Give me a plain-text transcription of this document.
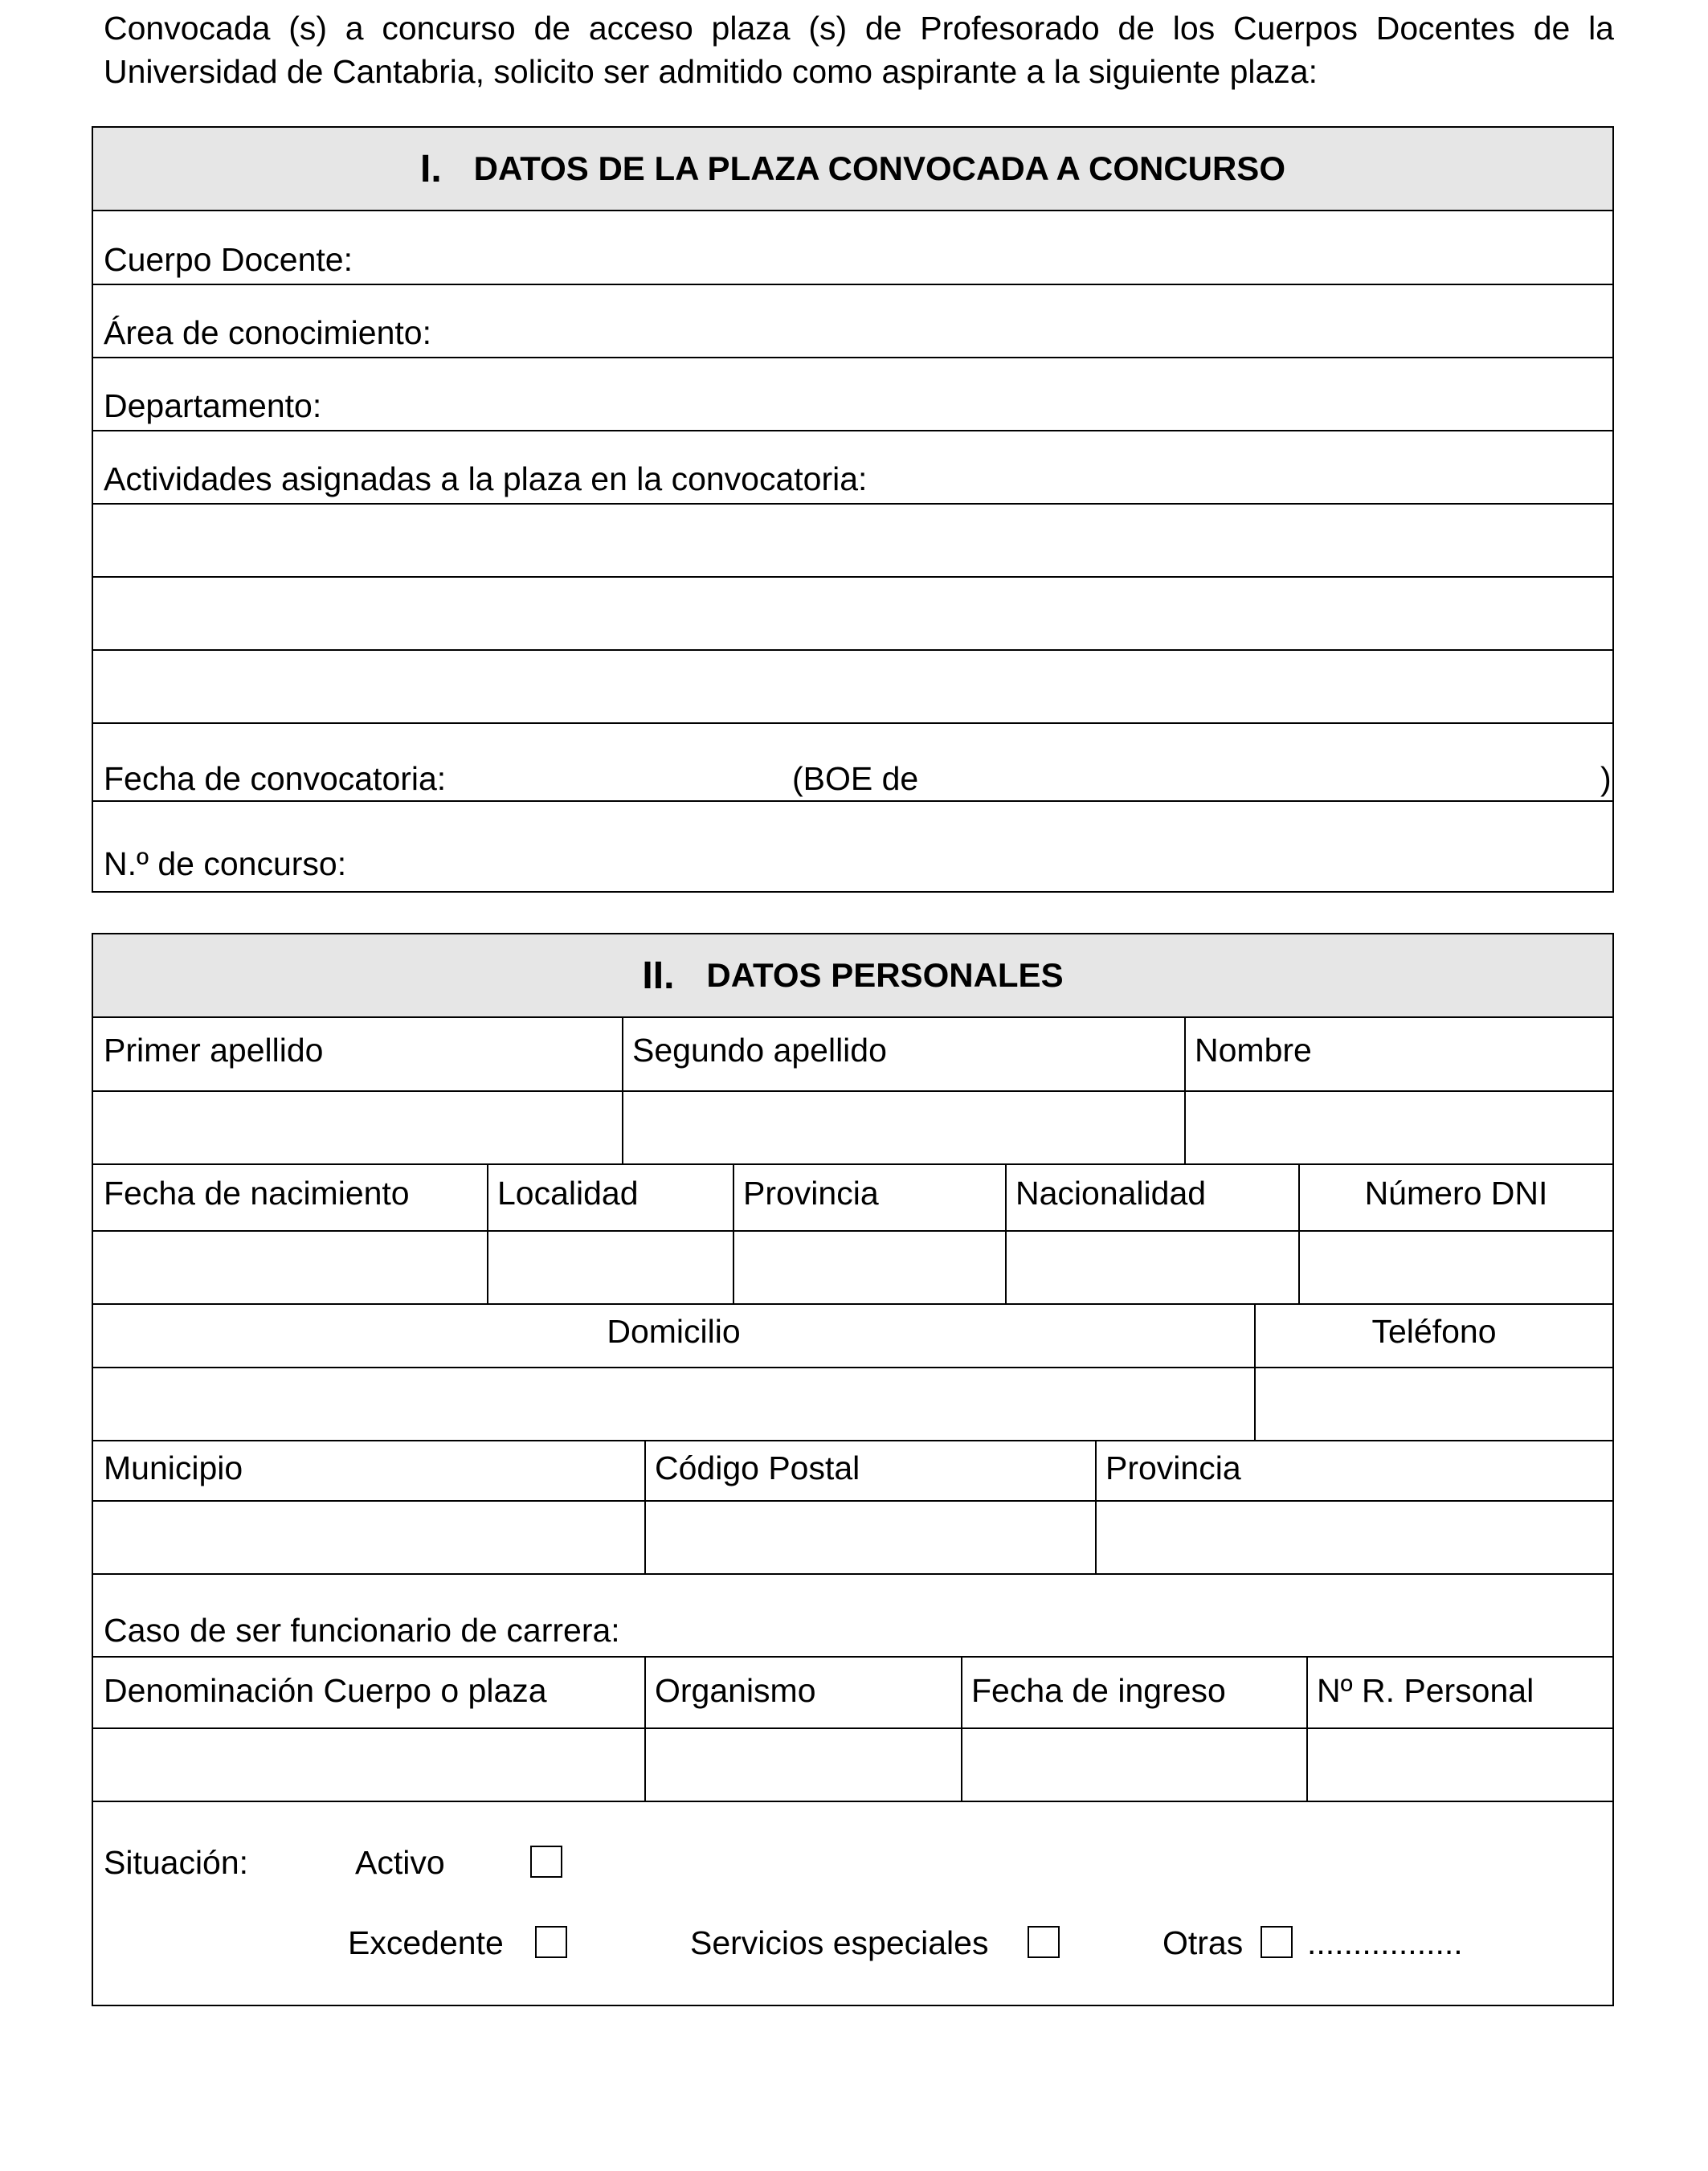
Convocada (s) a concurso de acceso plaza (s) de Profesorado de los Cuerpos Docentes de la Universidad de Cantabria, solicito ser admitido como aspirante a la siguiente plaza:
I. DATOS DE LA PLAZA CONVOCADA A CONCURSO
Cuerpo Docente:
Área de conocimiento:
Departamento:
Actividades asignadas a la plaza en la convocatoria:
Fecha de convocatoria:	(BOE de	)
N.º de concurso:
II. DATOS PERSONALES
Primer apellido	Segundo apellido	Nombre
Fecha de nacimiento	Localidad	Provincia	Nacionalidad	Número DNI
Domicilio	Teléfono
Municipio	Código Postal	Provincia
Caso de ser funcionario de carrera:
Denominación Cuerpo o plaza	Organismo	Fecha de ingreso	Nº R. Personal
Situación:	Activo
Excedente	Servicios especiales	Otras .................
